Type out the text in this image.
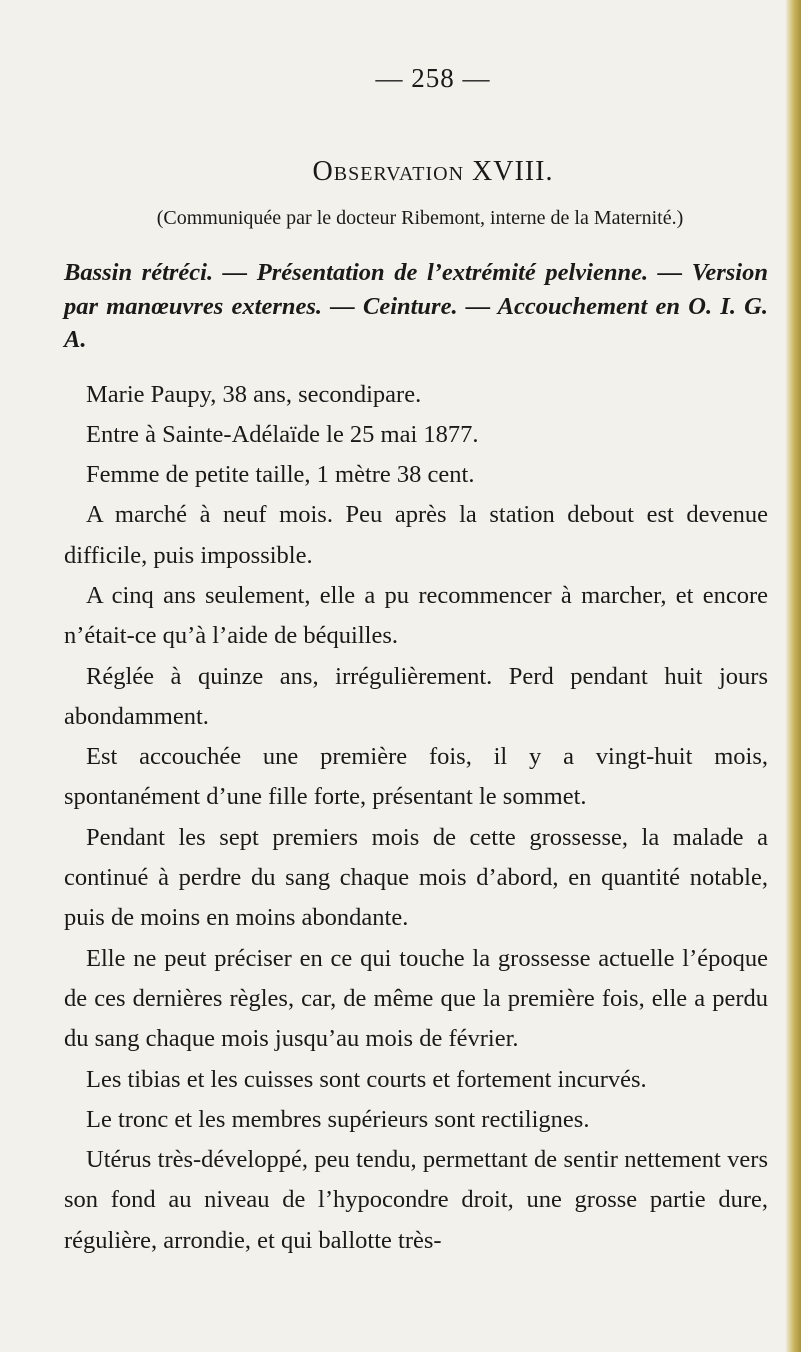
— 258 —
Observation XVIII.
(Communiquée par le docteur Ribemont, interne de la Maternité.)

Bassin rétréci. — Présentation de l’extrémité pelvienne. — Version par manœuvres externes. — Ceinture. — Accouchement en O. I. G. A.

Marie Paupy, 38 ans, secondipare.

Entre à Sainte-Adélaïde le 25 mai 1877.

Femme de petite taille, 1 mètre 38 cent.

A marché à neuf mois. Peu après la station debout est devenue difficile, puis impossible.

A cinq ans seulement, elle a pu recommencer à marcher, et encore n’était-ce qu’à l’aide de béquilles.

Réglée à quinze ans, irrégulièrement. Perd pendant huit jours abondamment.

Est accouchée une première fois, il y a vingt-huit mois, spontanément d’une fille forte, présentant le sommet.

Pendant les sept premiers mois de cette grossesse, la malade a continué à perdre du sang chaque mois d’abord, en quantité notable, puis de moins en moins abondante.

Elle ne peut préciser en ce qui touche la grossesse actuelle l’époque de ces dernières règles, car, de même que la première fois, elle a perdu du sang chaque mois jusqu’au mois de février.

Les tibias et les cuisses sont courts et fortement incurvés.

Le tronc et les membres supérieurs sont rectilignes.

Utérus très-développé, peu tendu, permettant de sentir nettement vers son fond au niveau de l’hypocondre droit, une grosse partie dure, régulière, arrondie, et qui ballotte très-
